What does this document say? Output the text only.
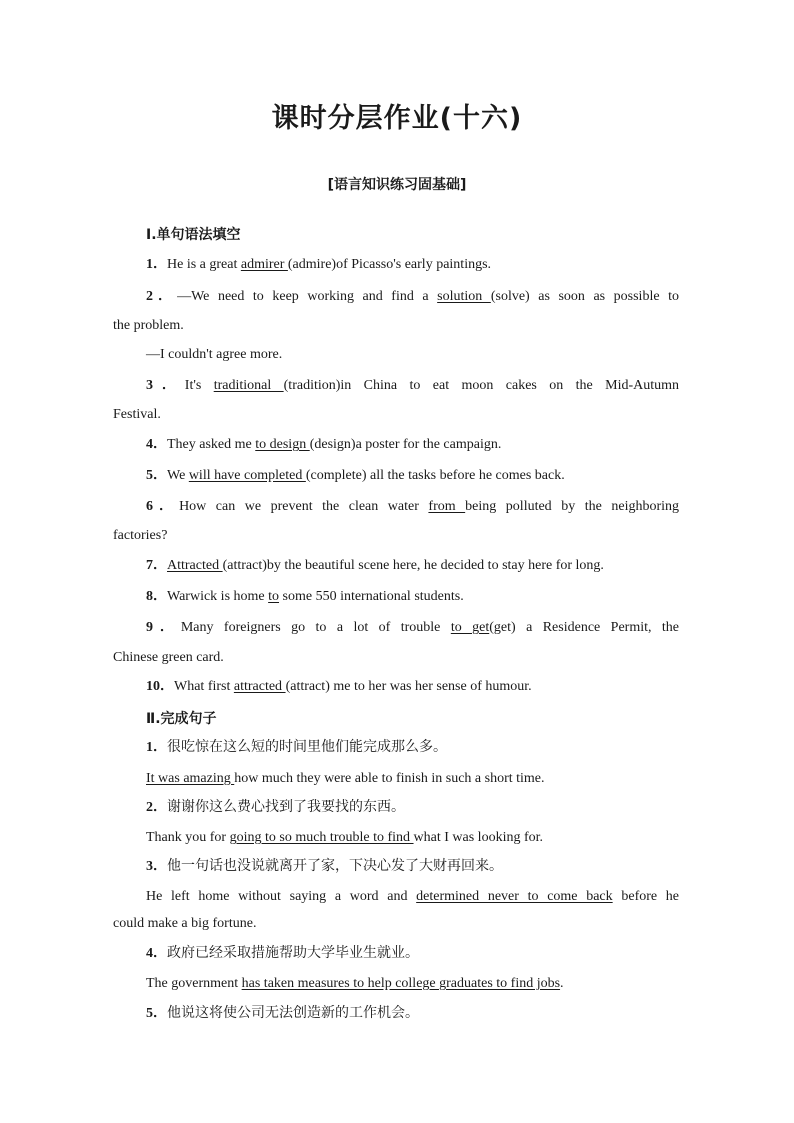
课时分层作业(十六)
[语言知识练习固基础]
Ⅰ.单句语法填空
1．He is a great admirer (admire)of Picasso's early paintings.
2．—We need to keep working and find a solution (solve) as soon as possible to
the problem.
—I couldn't agree more.
3．It's traditional (tradition)in China to eat moon cakes on the Mid-Autumn
Festival.
4．They asked me to design (design)a poster for the campaign.
5．We will have completed (complete) all the tasks before he comes back.
6．How can we prevent the clean water from being polluted by the neighboring
factories?
7．Attracted (attract)by the beautiful scene here, he decided to stay here for long.
8．Warwick is home to some 550 international students.
9．Many foreigners go to a lot of trouble to get(get) a Residence Permit, the
Chinese green card.
10．What first attracted (attract) me to her was her sense of humour.
Ⅱ.完成句子
1．很吃惊在这么短的时间里他们能完成那么多。
It was amazing how much they were able to finish in such a short time.
2．谢谢你这么费心找到了我要找的东西。
Thank you for going to so much trouble to find what I was looking for.
3．他一句话也没说就离开了家，下决心发了大财再回来。
He left home without saying a word and determined never to come back before he
could make a big fortune.
4．政府已经采取措施帮助大学毕业生就业。
The government has taken measures to help college graduates to find jobs.
5．他说这将使公司无法创造新的工作机会。
